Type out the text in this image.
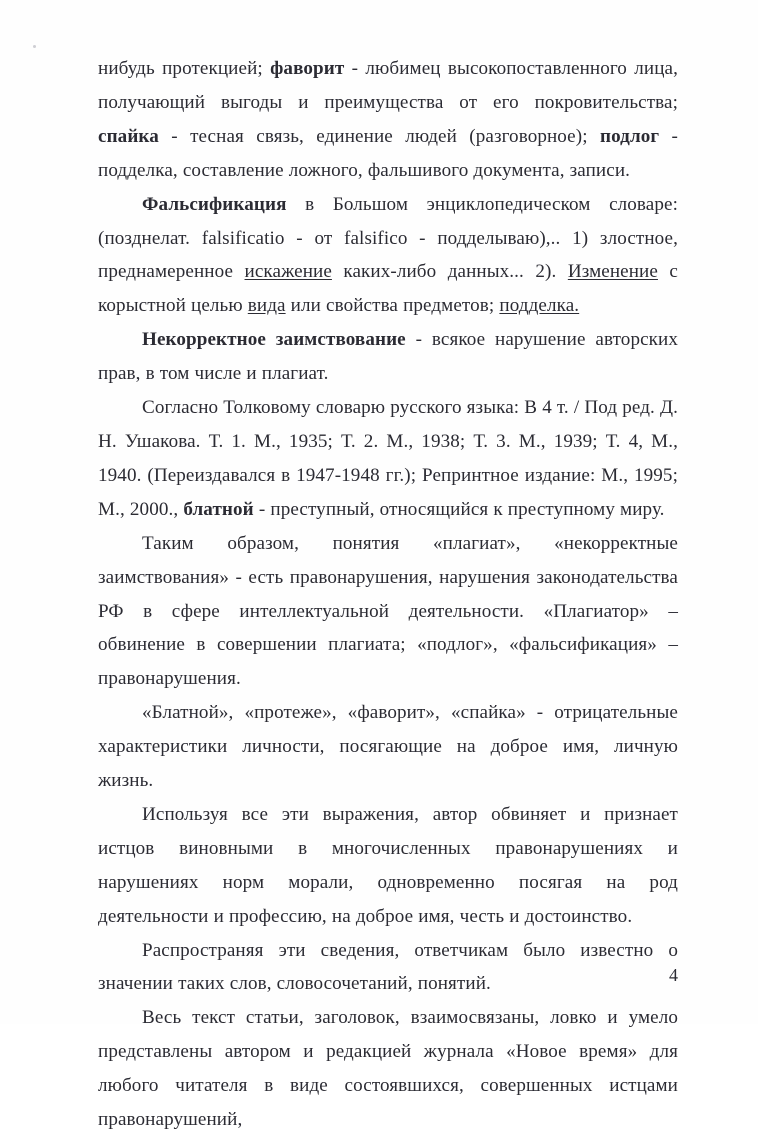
нибудь протекцией; фаворит - любимец высокопоставленного лица, получающий выгоды и преимущества от его покровительства; спайка - тесная связь, единение людей (разговорное); подлог - подделка, составление ложного, фальшивого документа, записи.

Фальсификация в Большом энциклопедическом словаре: (позднелат. falsificatio - от falsifico - подделываю),.. 1) злостное, преднамеренное искажение каких-либо данных... 2). Изменение с корыстной целью вида или свойства предметов; подделка.

Некорректное заимствование - всякое нарушение авторских прав, в том числе и плагиат.

Согласно Толковому словарю русского языка: В 4 т. / Под ред. Д. Н. Ушакова. Т. 1. М., 1935; Т. 2. М., 1938; Т. 3. М., 1939; Т. 4, М., 1940. (Переиздавался в 1947-1948 гг.); Репринтное издание: М., 1995; М., 2000., блатной - преступный, относящийся к преступному миру.

Таким образом, понятия «плагиат», «некорректные заимствования» - есть правонарушения, нарушения законодательства РФ в сфере интеллектуальной деятельности. «Плагиатор» – обвинение в совершении плагиата; «подлог», «фальсификация» – правонарушения.

«Блатной», «протеже», «фаворит», «спайка» - отрицательные характеристики личности, посягающие на доброе имя, личную жизнь.

Используя все эти выражения, автор обвиняет и признает истцов виновными в многочисленных правонарушениях и нарушениях норм морали, одновременно посягая на род деятельности и профессию, на доброе имя, честь и достоинство.

Распространяя эти сведения, ответчикам было известно о значении таких слов, словосочетаний, понятий.

Весь текст статьи, заголовок, взаимосвязаны, ловко и умело представлены автором и редакцией журнала «Новое время» для любого читателя в виде состоявшихся, совершенных истцами правонарушений,

4
